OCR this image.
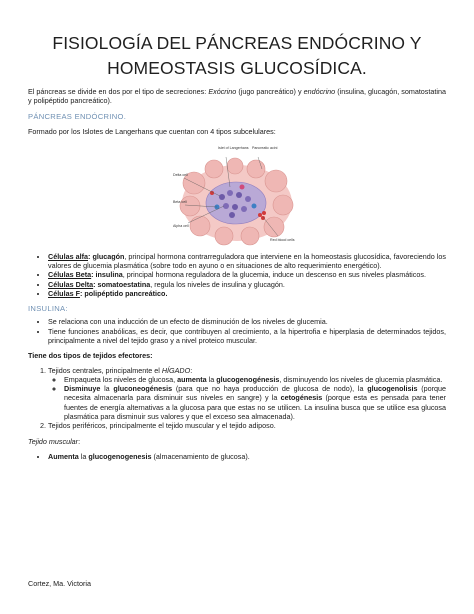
FISIOLOGÍA DEL PÁNCREAS ENDÓCRINO Y
HOMEOSTASIS GLUCOSÍDICA.

El páncreas se divide en dos por el tipo de secreciones: Exócrino (jugo pancreático) y endócrino (insulina, glucagón, somatostatina y polipéptido pancreático).

PÁNCREAS ENDÓCRINO.

Formado por los Islotes de Langerhans que cuentan con 4 tipos subcelulares:

Islet of Langerhans Pancreatic acini
Delta cell
Beta cell
Alpha cell
Red blood cells
• Células alfa: glucagón, principal hormona contrarreguladora que interviene en la homeostasis glucosídica, favoreciendo los valores de glucemia plasmática (sobre todo en ayuno o en situaciones de alto requerimiento energético).
• Células Beta: insulina, principal hormona reguladora de la glucemia, induce un descenso en sus niveles plasmáticos.
• Células Delta: somatoestatina, regula los niveles de insulina y glucagón.
• Células F: polipéptido pancreático.

INSULINA:

• Se relaciona con una inducción de un efecto de disminución de los niveles de glucemia.
• Tiene funciones anabólicas, es decir, que contribuyen al crecimiento, a la hipertrofia e hiperplasia de determinados tejidos, principalmente a nivel del tejido graso y a nivel proteico muscular.

Tiene dos tipos de tejidos efectores:

1. Tejidos centrales, principalmente el HÍGADO:
◦ Empaqueta los niveles de glucosa, aumenta la glucogenogénesis, disminuyendo los niveles de glucemia plasmática.
◦ Disminuye la gluconeogénesis (para que no haya producción de glucosa de nodo), la glucogenolisis (porque necesita almacenarla para disminuir sus niveles en sangre) y la cetogénesis (porque esta es pensada para tener fuentes de energía alternativas a la glucosa para que estas no se utilicen. La insulina busca que se utilice esa glucosa plasmática para disminuir sus valores y que el exceso sea almacenada).
2. Tejidos periféricos, principalmente el tejido muscular y el tejido adiposo.

Tejido muscular:

• Aumenta la glucogenogenesis (almacenamiento de glucosa).

Cortez, Ma. Victoria
